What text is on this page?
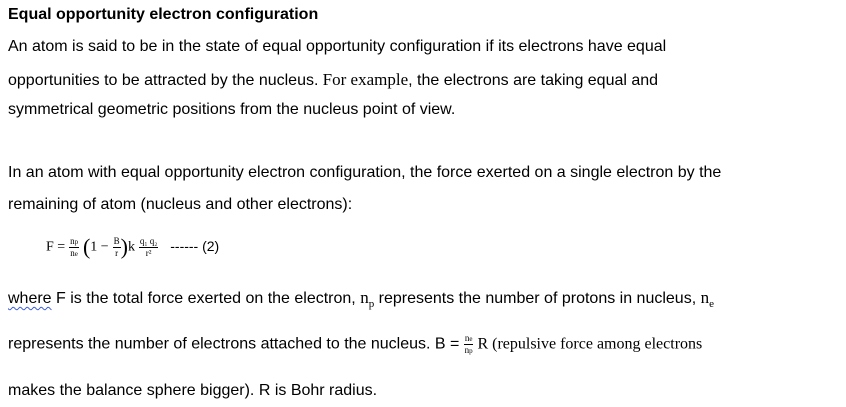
Equal opportunity electron configuration
An atom is said to be in the state of equal opportunity configuration if its electrons have equal
opportunities to be attracted by the nucleus. For example, the electrons are taking equal and
symmetrical geometric positions from the nucleus point of view.
In an atom with equal opportunity electron configuration, the force exerted on a single electron by the
remaining of atom (nucleus and other electrons):
$F = \frac{np}{ne} (1 - \frac{B}{r} )k \frac{\text{q₁ q₂}}{\text{r²}}$ ------ (2)
where F is the total force exerted on the electron, $n_p$ represents the number of protons in nucleus, $n_e$
represents the number of electrons attached to the nucleus. $B = \frac{ne}{np}$ R (repulsive force among electrons
makes the balance sphere bigger). R is Bohr radius.
